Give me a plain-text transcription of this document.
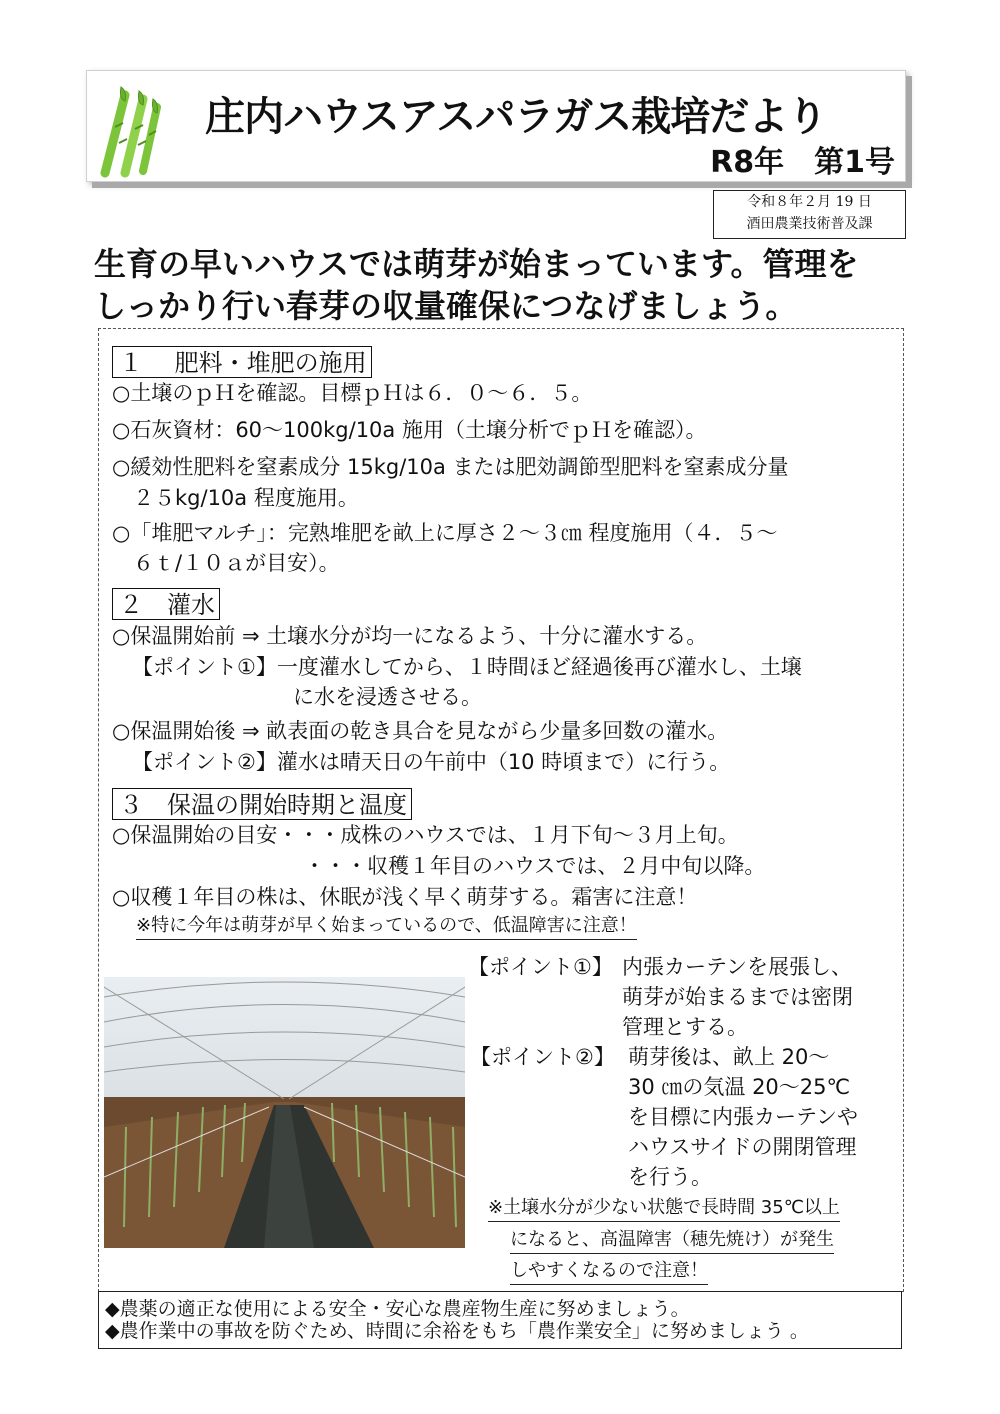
庄内ハウスアスパラガス栽培だより
R8年　第1号
令和８年２月 19 日
酒田農業技術普及課
生育の早いハウスでは萌芽が始まっています。管理を
しっかり行い春芽の収量確保につなげましょう。
１　 肥料・堆肥の施用
○土壌のｐＨを確認。目標ｐＨは６．０～６．５。
○石灰資材：60～100kg/10a 施用（土壌分析でｐＨを確認）。
○緩効性肥料を窒素成分 15kg/10a または肥効調節型肥料を窒素成分量
　２５kg/10a 程度施用。
○「堆肥マルチ」：完熟堆肥を畝上に厚さ２～３㎝ 程度施用（４．５～
　６ｔ/１０ａが目安）。
２　灌水
○保温開始前 ⇒ 土壌水分が均一になるよう、十分に灌水する。
【ポイント①】一度灌水してから、１時間ほど経過後再び灌水し、土壌
に水を浸透させる。
○保温開始後 ⇒ 畝表面の乾き具合を見ながら少量多回数の灌水。
【ポイント②】灌水は晴天日の午前中（10 時頃まで）に行う。
３　保温の開始時期と温度
○保温開始の目安・・・成株のハウスでは、１月下旬～３月上旬。
・・・収穫１年目のハウスでは、２月中旬以降。
○収穫１年目の株は、休眠が浅く早く萌芽する。霜害に注意！
※特に今年は萌芽が早く始まっているので、低温障害に注意！
【ポイント①】 内張カーテンを展張し、
萌芽が始まるまでは密閉
管理とする。
【ポイント②】 萌芽後は、畝上 20～
30 ㎝の気温 20～25℃
を目標に内張カーテンや
ハウスサイドの開閉管理
を行う。
※土壌水分が少ない状態で長時間 35℃以上
になると、高温障害（穂先焼け）が発生
しやすくなるので注意！
◆農薬の適正な使用による安全・安心な農産物生産に努めましょう。
◆農作業中の事故を防ぐため、時間に余裕をもち「農作業安全」に努めましょう 。
